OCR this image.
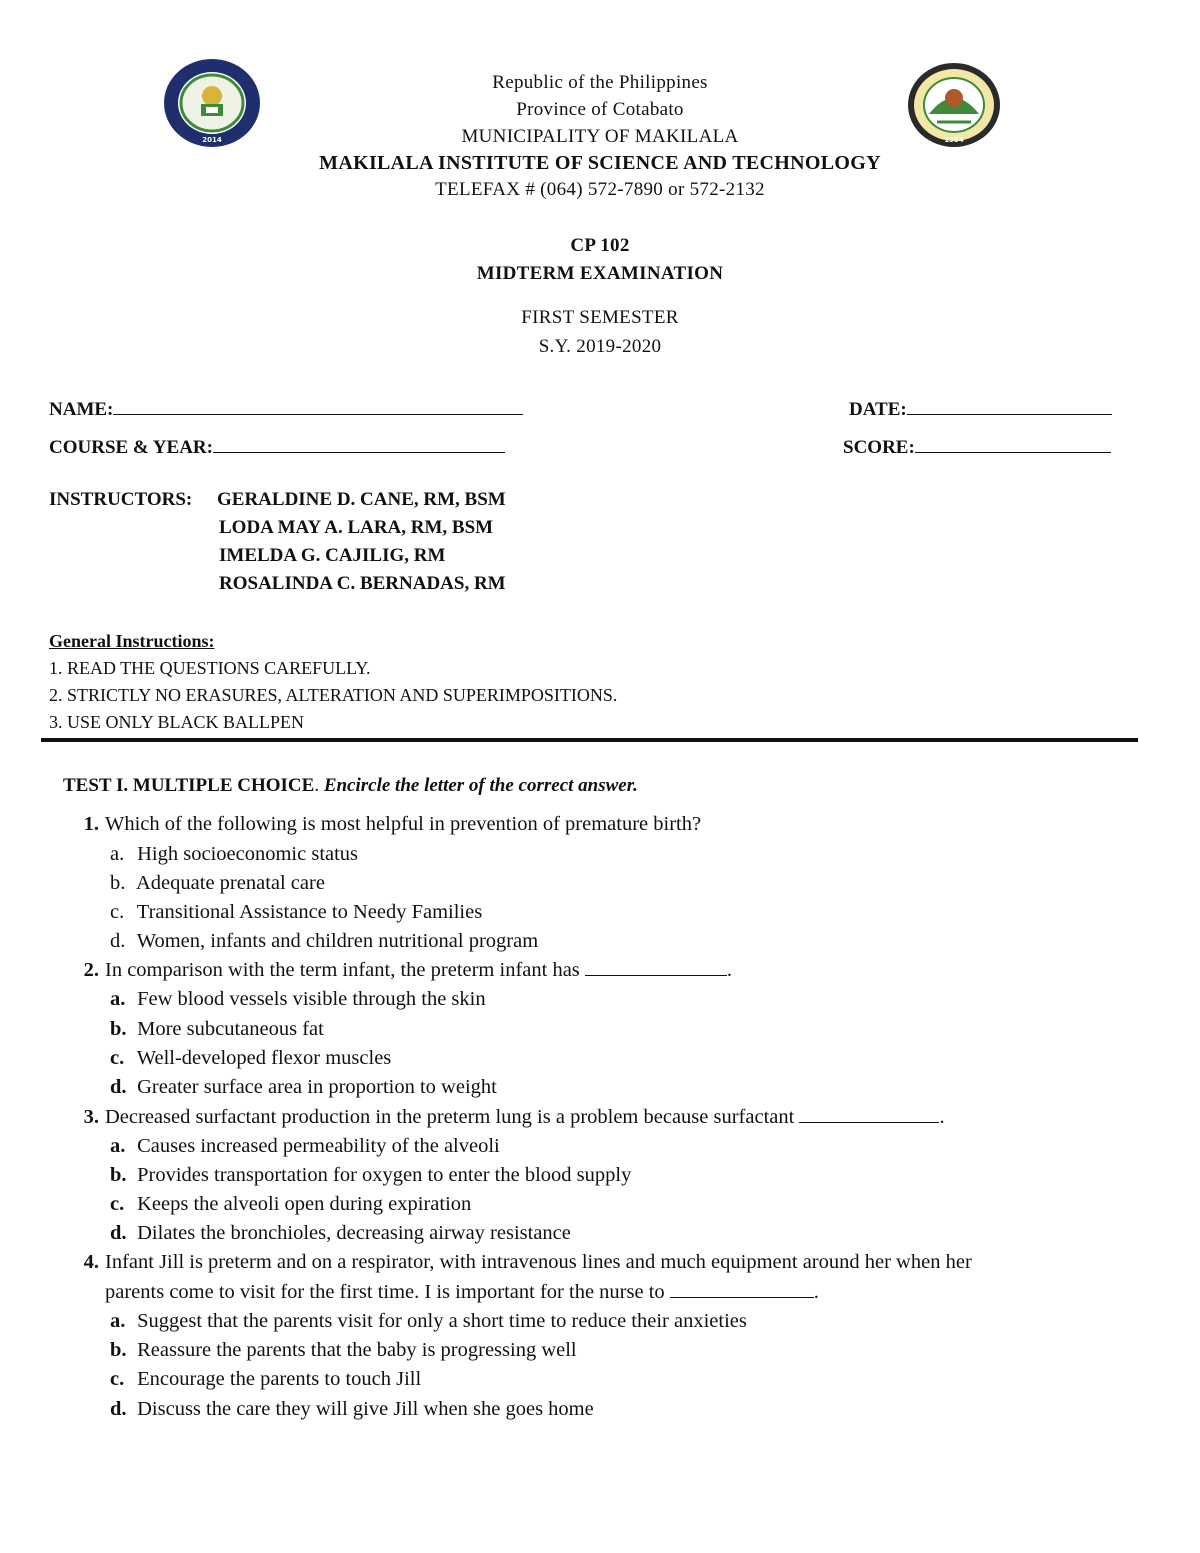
2014	1954
Republic of the Philippines
Province of Cotabato
MUNICIPALITY OF MAKILALA
MAKILALA INSTITUTE OF SCIENCE AND TECHNOLOGY
TELEFAX # (064) 572-7890 or 572-2132
CP 102
MIDTERM EXAMINATION
FIRST SEMESTER
S.Y. 2019-2020
NAME:	DATE:
COURSE & YEAR:	SCORE:
INSTRUCTORS: GERALDINE D. CANE, RM, BSM
LODA MAY A. LARA, RM, BSM
IMELDA G. CAJILIG, RM
ROSALINDA C. BERNADAS, RM
General Instructions:
1. READ THE QUESTIONS CAREFULLY.
2. STRICTLY NO ERASURES, ALTERATION AND SUPERIMPOSITIONS.
3. USE ONLY BLACK BALLPEN
TEST I. MULTIPLE CHOICE. Encircle the letter of the correct answer.
1. Which of the following is most helpful in prevention of premature birth?
a. High socioeconomic status
b. Adequate prenatal care
c. Transitional Assistance to Needy Families
d. Women, infants and children nutritional program
2. In comparison with the term infant, the preterm infant has	.
a. Few blood vessels visible through the skin
b. More subcutaneous fat
c. Well-developed flexor muscles
d. Greater surface area in proportion to weight
3. Decreased surfactant production in the preterm lung is a problem because surfactant	.
a. Causes increased permeability of the alveoli
b. Provides transportation for oxygen to enter the blood supply
c. Keeps the alveoli open during expiration
d. Dilates the bronchioles, decreasing airway resistance
4. Infant Jill is preterm and on a respirator, with intravenous lines and much equipment around her when her
parents come to visit for the first time. I is important for the nurse to	.
a. Suggest that the parents visit for only a short time to reduce their anxieties
b. Reassure the parents that the baby is progressing well
c. Encourage the parents to touch Jill
d. Discuss the care they will give Jill when she goes home
